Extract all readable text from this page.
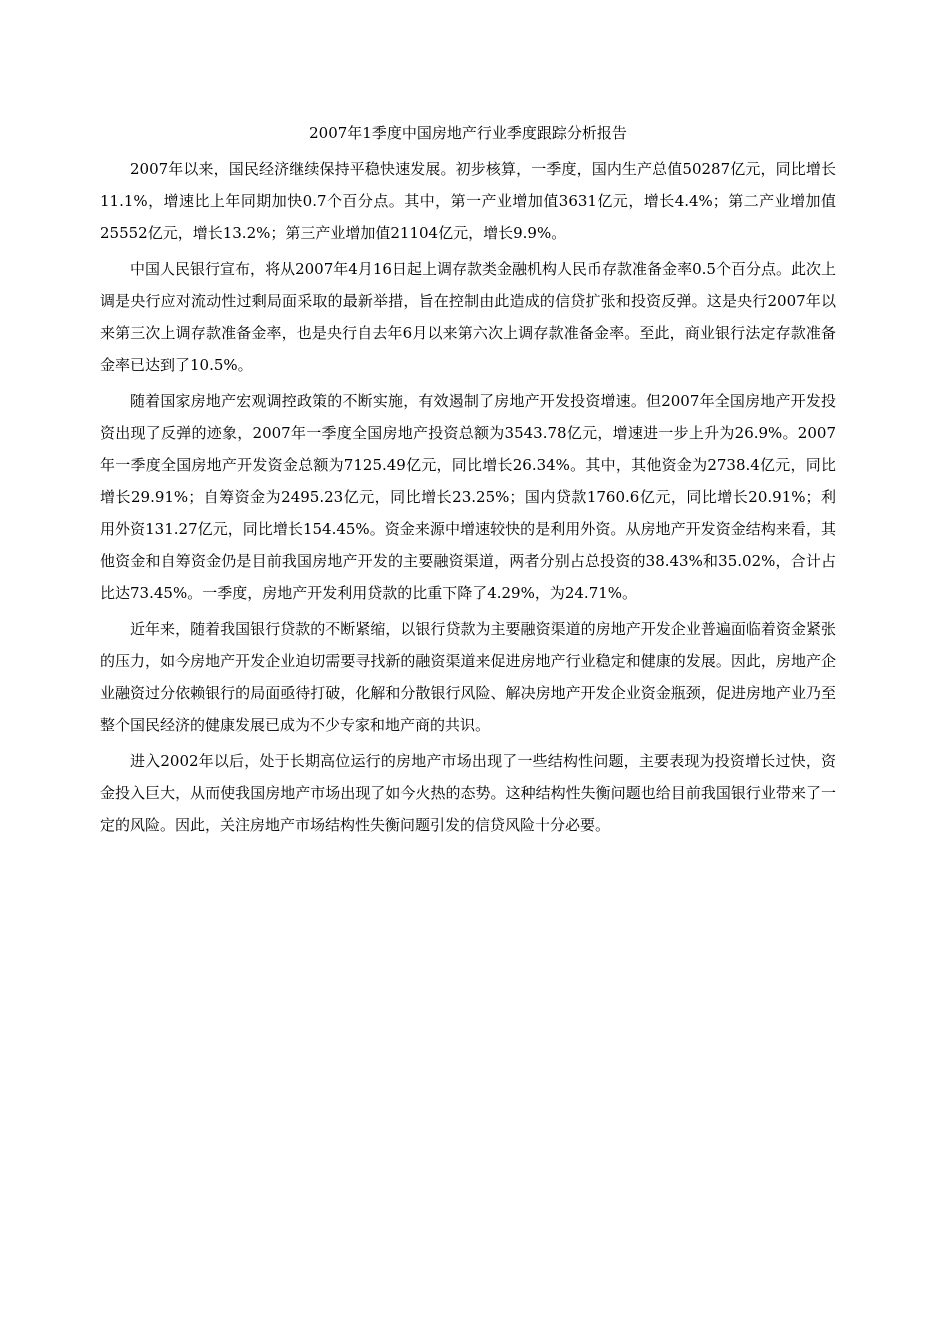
2007年1季度中国房地产行业季度跟踪分析报告

2007年以来，国民经济继续保持平稳快速发展。初步核算，一季度，国内生产总值50287亿元，同比增长11.1%，增速比上年同期加快0.7个百分点。其中，第一产业增加值3631亿元，增长4.4%；第二产业增加值25552亿元，增长13.2%；第三产业增加值21104亿元，增长9.9%。

中国人民银行宣布，将从2007年4月16日起上调存款类金融机构人民币存款准备金率0.5个百分点。此次上调是央行应对流动性过剩局面采取的最新举措，旨在控制由此造成的信贷扩张和投资反弹。这是央行2007年以来第三次上调存款准备金率，也是央行自去年6月以来第六次上调存款准备金率。至此，商业银行法定存款准备金率已达到了10.5%。

随着国家房地产宏观调控政策的不断实施，有效遏制了房地产开发投资增速。但2007年全国房地产开发投资出现了反弹的迹象，2007年一季度全国房地产投资总额为3543.78亿元，增速进一步上升为26.9%。2007年一季度全国房地产开发资金总额为7125.49亿元，同比增长26.34%。其中，其他资金为2738.4亿元，同比增长29.91%；自筹资金为2495.23亿元，同比增长23.25%；国内贷款1760.6亿元，同比增长20.91%；利用外资131.27亿元，同比增长154.45%。资金来源中增速较快的是利用外资。从房地产开发资金结构来看，其他资金和自筹资金仍是目前我国房地产开发的主要融资渠道，两者分别占总投资的38.43%和35.02%，合计占比达73.45%。一季度，房地产开发利用贷款的比重下降了4.29%，为24.71%。

近年来，随着我国银行贷款的不断紧缩，以银行贷款为主要融资渠道的房地产开发企业普遍面临着资金紧张的压力，如今房地产开发企业迫切需要寻找新的融资渠道来促进房地产行业稳定和健康的发展。因此，房地产企业融资过分依赖银行的局面亟待打破，化解和分散银行风险、解决房地产开发企业资金瓶颈，促进房地产业乃至整个国民经济的健康发展已成为不少专家和地产商的共识。

进入2002年以后，处于长期高位运行的房地产市场出现了一些结构性问题，主要表现为投资增长过快，资金投入巨大，从而使我国房地产市场出现了如今火热的态势。这种结构性失衡问题也给目前我国银行业带来了一定的风险。因此，关注房地产市场结构性失衡问题引发的信贷风险十分必要。
